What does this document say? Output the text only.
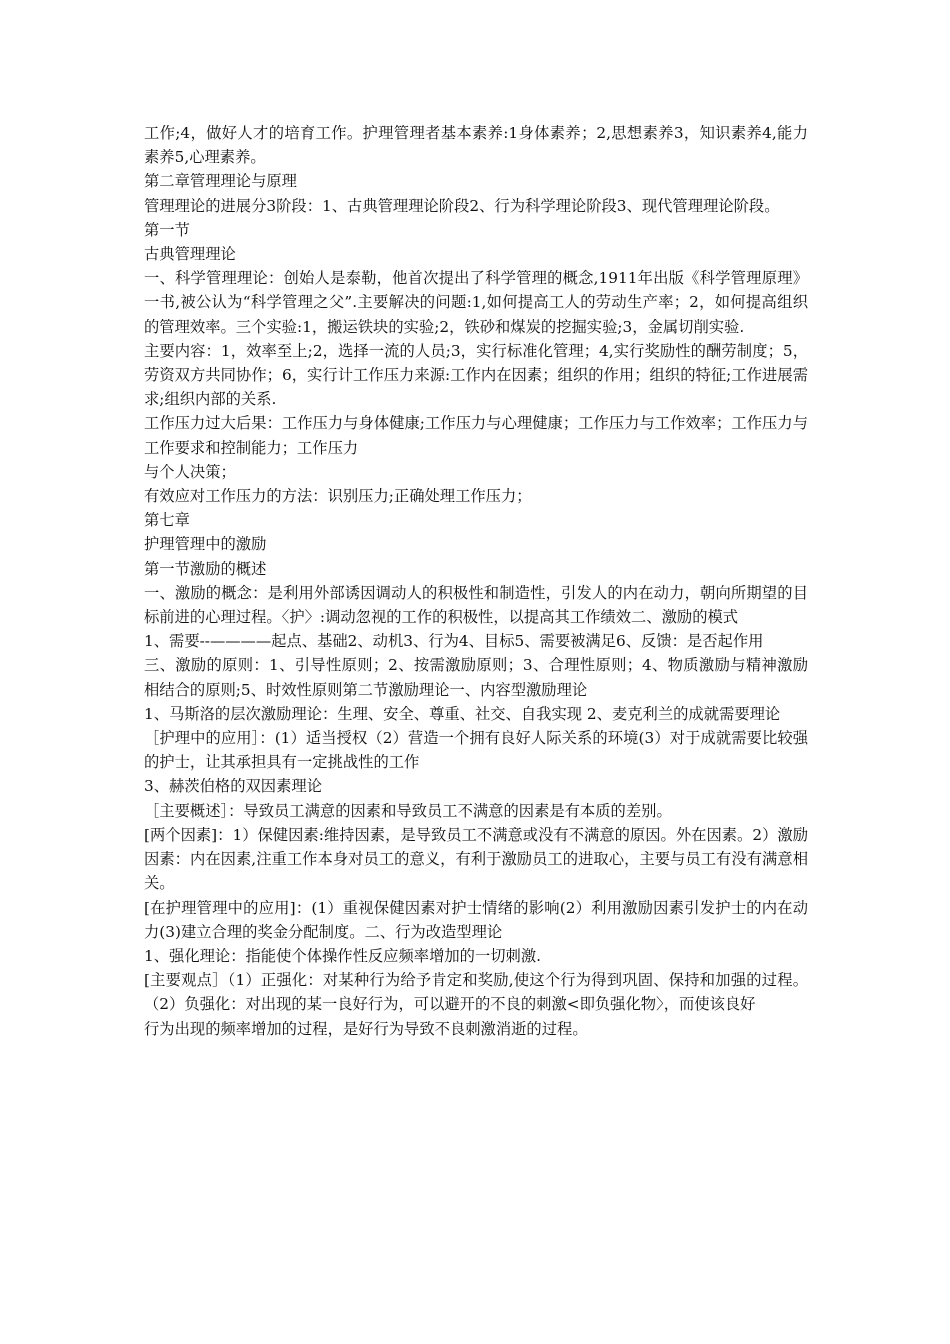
工作;4，做好人才的培育工作。护理管理者基本素养:1身体素养；2,思想素养3，知识素养4,能力素养5,心理素养。

第二章管理理论与原理

管理理论的进展分3阶段：1、古典管理理论阶段2、行为科学理论阶段3、现代管理理论阶段。

第一节

古典管理理论

一、科学管理理论：创始人是泰勒，他首次提出了科学管理的概念,1911年出版《科学管理原理》一书,被公认为“科学管理之父”.主要解决的问题:1,如何提高工人的劳动生产率；2，如何提高组织的管理效率。三个实验:1，搬运铁块的实验;2，铁砂和煤炭的挖掘实验;3，金属切削实验.

主要内容：1，效率至上;2，选择一流的人员;3，实行标准化管理；4,实行奖励性的酬劳制度；5，劳资双方共同协作；6，实行计工作压力来源:工作内在因素；组织的作用；组织的特征;工作进展需求;组织内部的关系.

工作压力过大后果：工作压力与身体健康;工作压力与心理健康；工作压力与工作效率；工作压力与工作要求和控制能力；工作压力

与个人决策；

有效应对工作压力的方法：识别压力;正确处理工作压力；

第七章

护理管理中的激励

第一节激励的概述

一、激励的概念：是利用外部诱因调动人的积极性和制造性，引发人的内在动力，朝向所期望的目标前进的心理过程。〈护〉:调动忽视的工作的积极性，以提高其工作绩效二、激励的模式

1、需要--————起点、基础2、动机3、行为4、目标5、需要被满足6、反馈：是否起作用

三、激励的原则：1、引导性原则；2、按需激励原则；3、合理性原则；4、物质激励与精神激励相结合的原则;5、时效性原则第二节激励理论一、内容型激励理论

1、马斯洛的层次激励理论：生理、安全、尊重、社交、自我实现 2、麦克利兰的成就需要理论

［护理中的应用］：(1）适当授权（2）营造一个拥有良好人际关系的环境(3）对于成就需要比较强的护士，让其承担具有一定挑战性的工作

3、赫茨伯格的双因素理论

［主要概述］：导致员工满意的因素和导致员工不满意的因素是有本质的差别。

[两个因素]：1）保健因素:维持因素，是导致员工不满意或没有不满意的原因。外在因素。2）激励因素：内在因素,注重工作本身对员工的意义，有利于激励员工的进取心，主要与员工有没有满意相关。

[在护理管理中的应用]：(1）重视保健因素对护士情绪的影响(2）利用激励因素引发护士的内在动力(3)建立合理的奖金分配制度。二、行为改造型理论

1、强化理论：指能使个体操作性反应频率增加的一切刺激.

[主要观点］（1）正强化：对某种行为给予肯定和奖励,使这个行为得到巩固、保持和加强的过程。（2）负强化：对出现的某一良好行为，可以避开的不良的刺激<即负强化物〉，而使该良好

行为出现的频率增加的过程，是好行为导致不良刺激消逝的过程。
